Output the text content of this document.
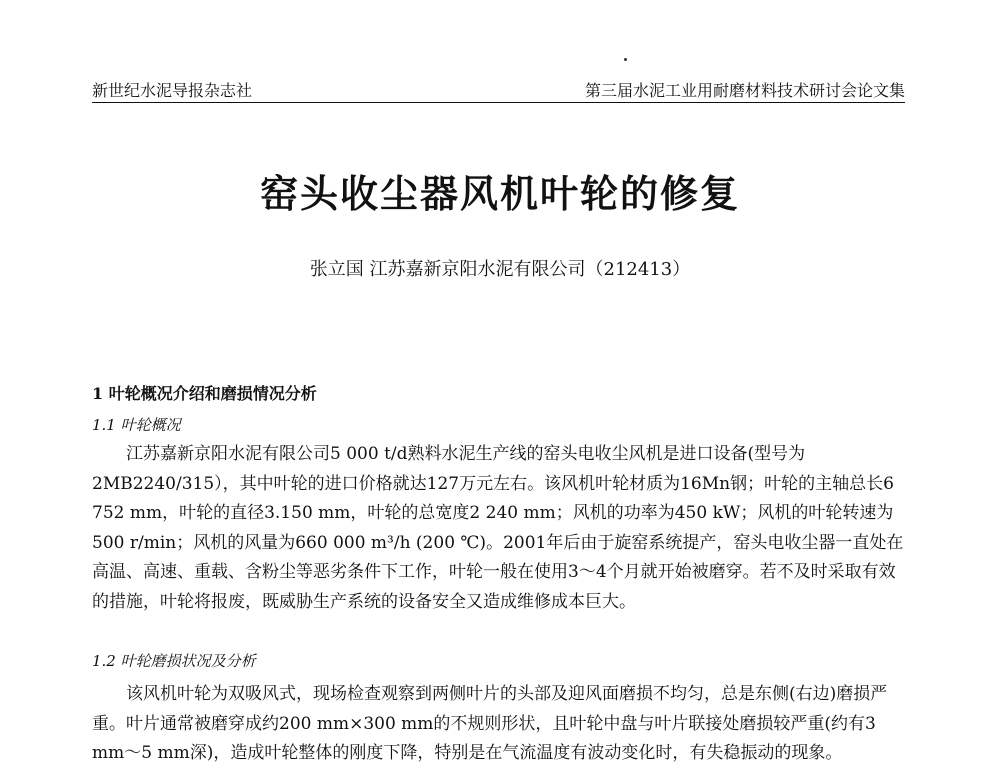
新世纪水泥导报杂志社	第三届水泥工业用耐磨材料技术研讨会论文集
窑头收尘器风机叶轮的修复
张立国 江苏嘉新京阳水泥有限公司（212413）
1 叶轮概况介绍和磨损情况分析
1.1 叶轮概况

江苏嘉新京阳水泥有限公司5 000 t/d熟料水泥生产线的窑头电收尘风机是进口设备(型号为2MB2240/315），其中叶轮的进口价格就达127万元左右。该风机叶轮材质为16Mn钢；叶轮的主轴总长6 752 mm，叶轮的直径3.150 mm，叶轮的总宽度2 240 mm；风机的功率为450 kW；风机的叶轮转速为500 r/min；风机的风量为660 000 m³/h (200 ℃)。2001年后由于旋窑系统提产，窑头电收尘器一直处在高温、高速、重载、含粉尘等恶劣条件下工作，叶轮一般在使用3～4个月就开始被磨穿。若不及时采取有效的措施，叶轮将报废，既威胁生产系统的设备安全又造成维修成本巨大。

1.2 叶轮磨损状况及分析

该风机叶轮为双吸风式，现场检查观察到两侧叶片的头部及迎风面磨损不均匀，总是东侧(右边)磨损严重。叶片通常被磨穿成约200 mm×300 mm的不规则形状，且叶轮中盘与叶片联接处磨损较严重(约有3 mm～5 mm深)，造成叶轮整体的刚度下降，特别是在气流温度有波动变化时，有失稳振动的现象。
